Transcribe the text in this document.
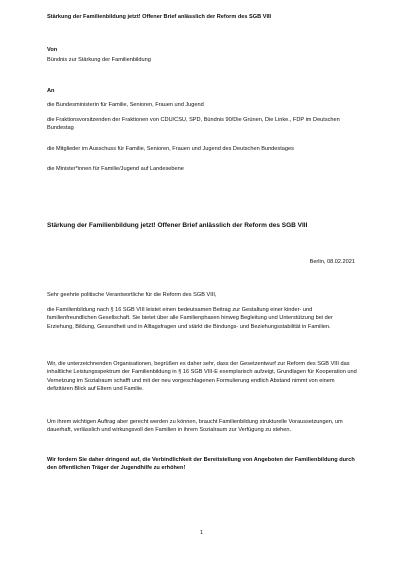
Stärkung der Familienbildung jetzt! Offener Brief anlässlich der Reform des SGB VIII

Von

Bündnis zur Stärkung der Familienbildung

An

die Bundesministerin für Familie, Senioren, Frauen und Jugend

die Fraktionsvorsitzenden der Fraktionen von CDU/CSU, SPD, Bündnis 90/Die Grünen, Die Linke., FDP im Deutschen Bundestag

die Mitglieder im Ausschuss für Familie, Senioren, Frauen und Jugend des Deutschen Bundestages

die Minister*innen für Familie/Jugend auf Landesebene

Stärkung der Familienbildung jetzt! Offener Brief anlässlich der Reform des SGB VIII

Berlin, 08.02.2021

Sehr geehrte politische Verantwortliche für die Reform des SGB VIII,

die Familienbildung nach § 16 SGB VIII leistet einen bedeutsamen Beitrag zur Gestaltung einer kinder- und familienfreundlichen Gesellschaft. Sie bietet über alle Familienphasen hinweg Begleitung und Unterstützung bei der Erziehung, Bildung, Gesundheit und in Alltagsfragen und stärkt die Bindungs- und Beziehungsstabilität in Familien.

Wir, die unterzeichnenden Organisationen, begrüßen es daher sehr, dass der Gesetzentwurf zur Reform des SGB VIII das inhaltliche Leistungsspektrum der Familienbildung in § 16 SGB VIII-E exemplarisch aufzeigt, Grundlagen für Kooperation und Vernetzung im Sozialraum schafft und mit der neu vorgeschlagenen Formulierung endlich Abstand nimmt von einem defizitären Blick auf Eltern und Familie.

Um ihrem wichtigen Auftrag aber gerecht werden zu können, braucht Familienbildung strukturelle Voraussetzungen, um dauerhaft, verlässlich und wirkungsvoll den Familien in ihrem Sozialraum zur Verfügung zu stehen.

Wir fordern Sie daher dringend auf, die Verbindlichkeit der Bereitstellung von Angeboten der Familienbildung durch den öffentlichen Träger der Jugendhilfe zu erhöhen!

1
